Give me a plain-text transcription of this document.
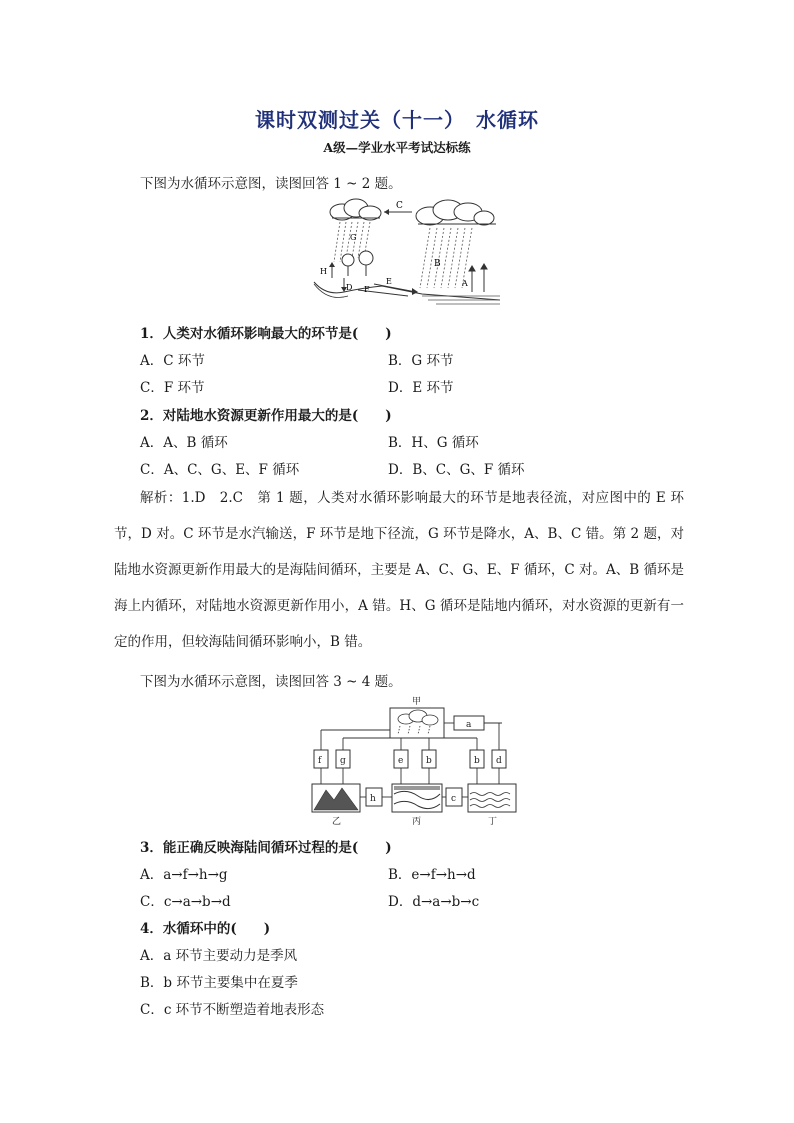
课时双测过关（十一）　水循环
A级—学业水平考试达标练
下图为水循环示意图，读图回答 1 ~ 2 题。
C
G
B
H
D F
E	A
1．人类对水循环影响最大的环节是(　　)
A．C 环节	B．G 环节
C．F 环节	D．E 环节
2．对陆地水资源更新作用最大的是(　　)
A．A、B 循环	B．H、G 循环
C．A、C、G、E、F 循环	D．B、C、G、F 循环
解析：1.D　2.C　第 1 题，人类对水循环影响最大的环节是地表径流，对应图中的 E 环节，D 对。C 环节是水汽输送，F 环节是地下径流，G 环节是降水，A、B、C 错。第 2 题，对陆地水资源更新作用最大的是海陆间循环，主要是 A、C、G、E、F 循环，C 对。A、B 循环是海上内循环，对陆地水资源更新作用小，A 错。H、G 循环是陆地内循环，对水资源的更新有一定的作用，但较海陆间循环影响小，B 错。
下图为水循环示意图，读图回答 3 ~ 4 题。
甲
a
f g	e	b	b d
h	c
乙	丙	丁
3．能正确反映海陆间循环过程的是(　　)
A．a→f→h→g	B．e→f→h→d
C．c→a→b→d	D．d→a→b→c
4．水循环中的(　　)
A．a 环节主要动力是季风
B．b 环节主要集中在夏季
C．c 环节不断塑造着地表形态
